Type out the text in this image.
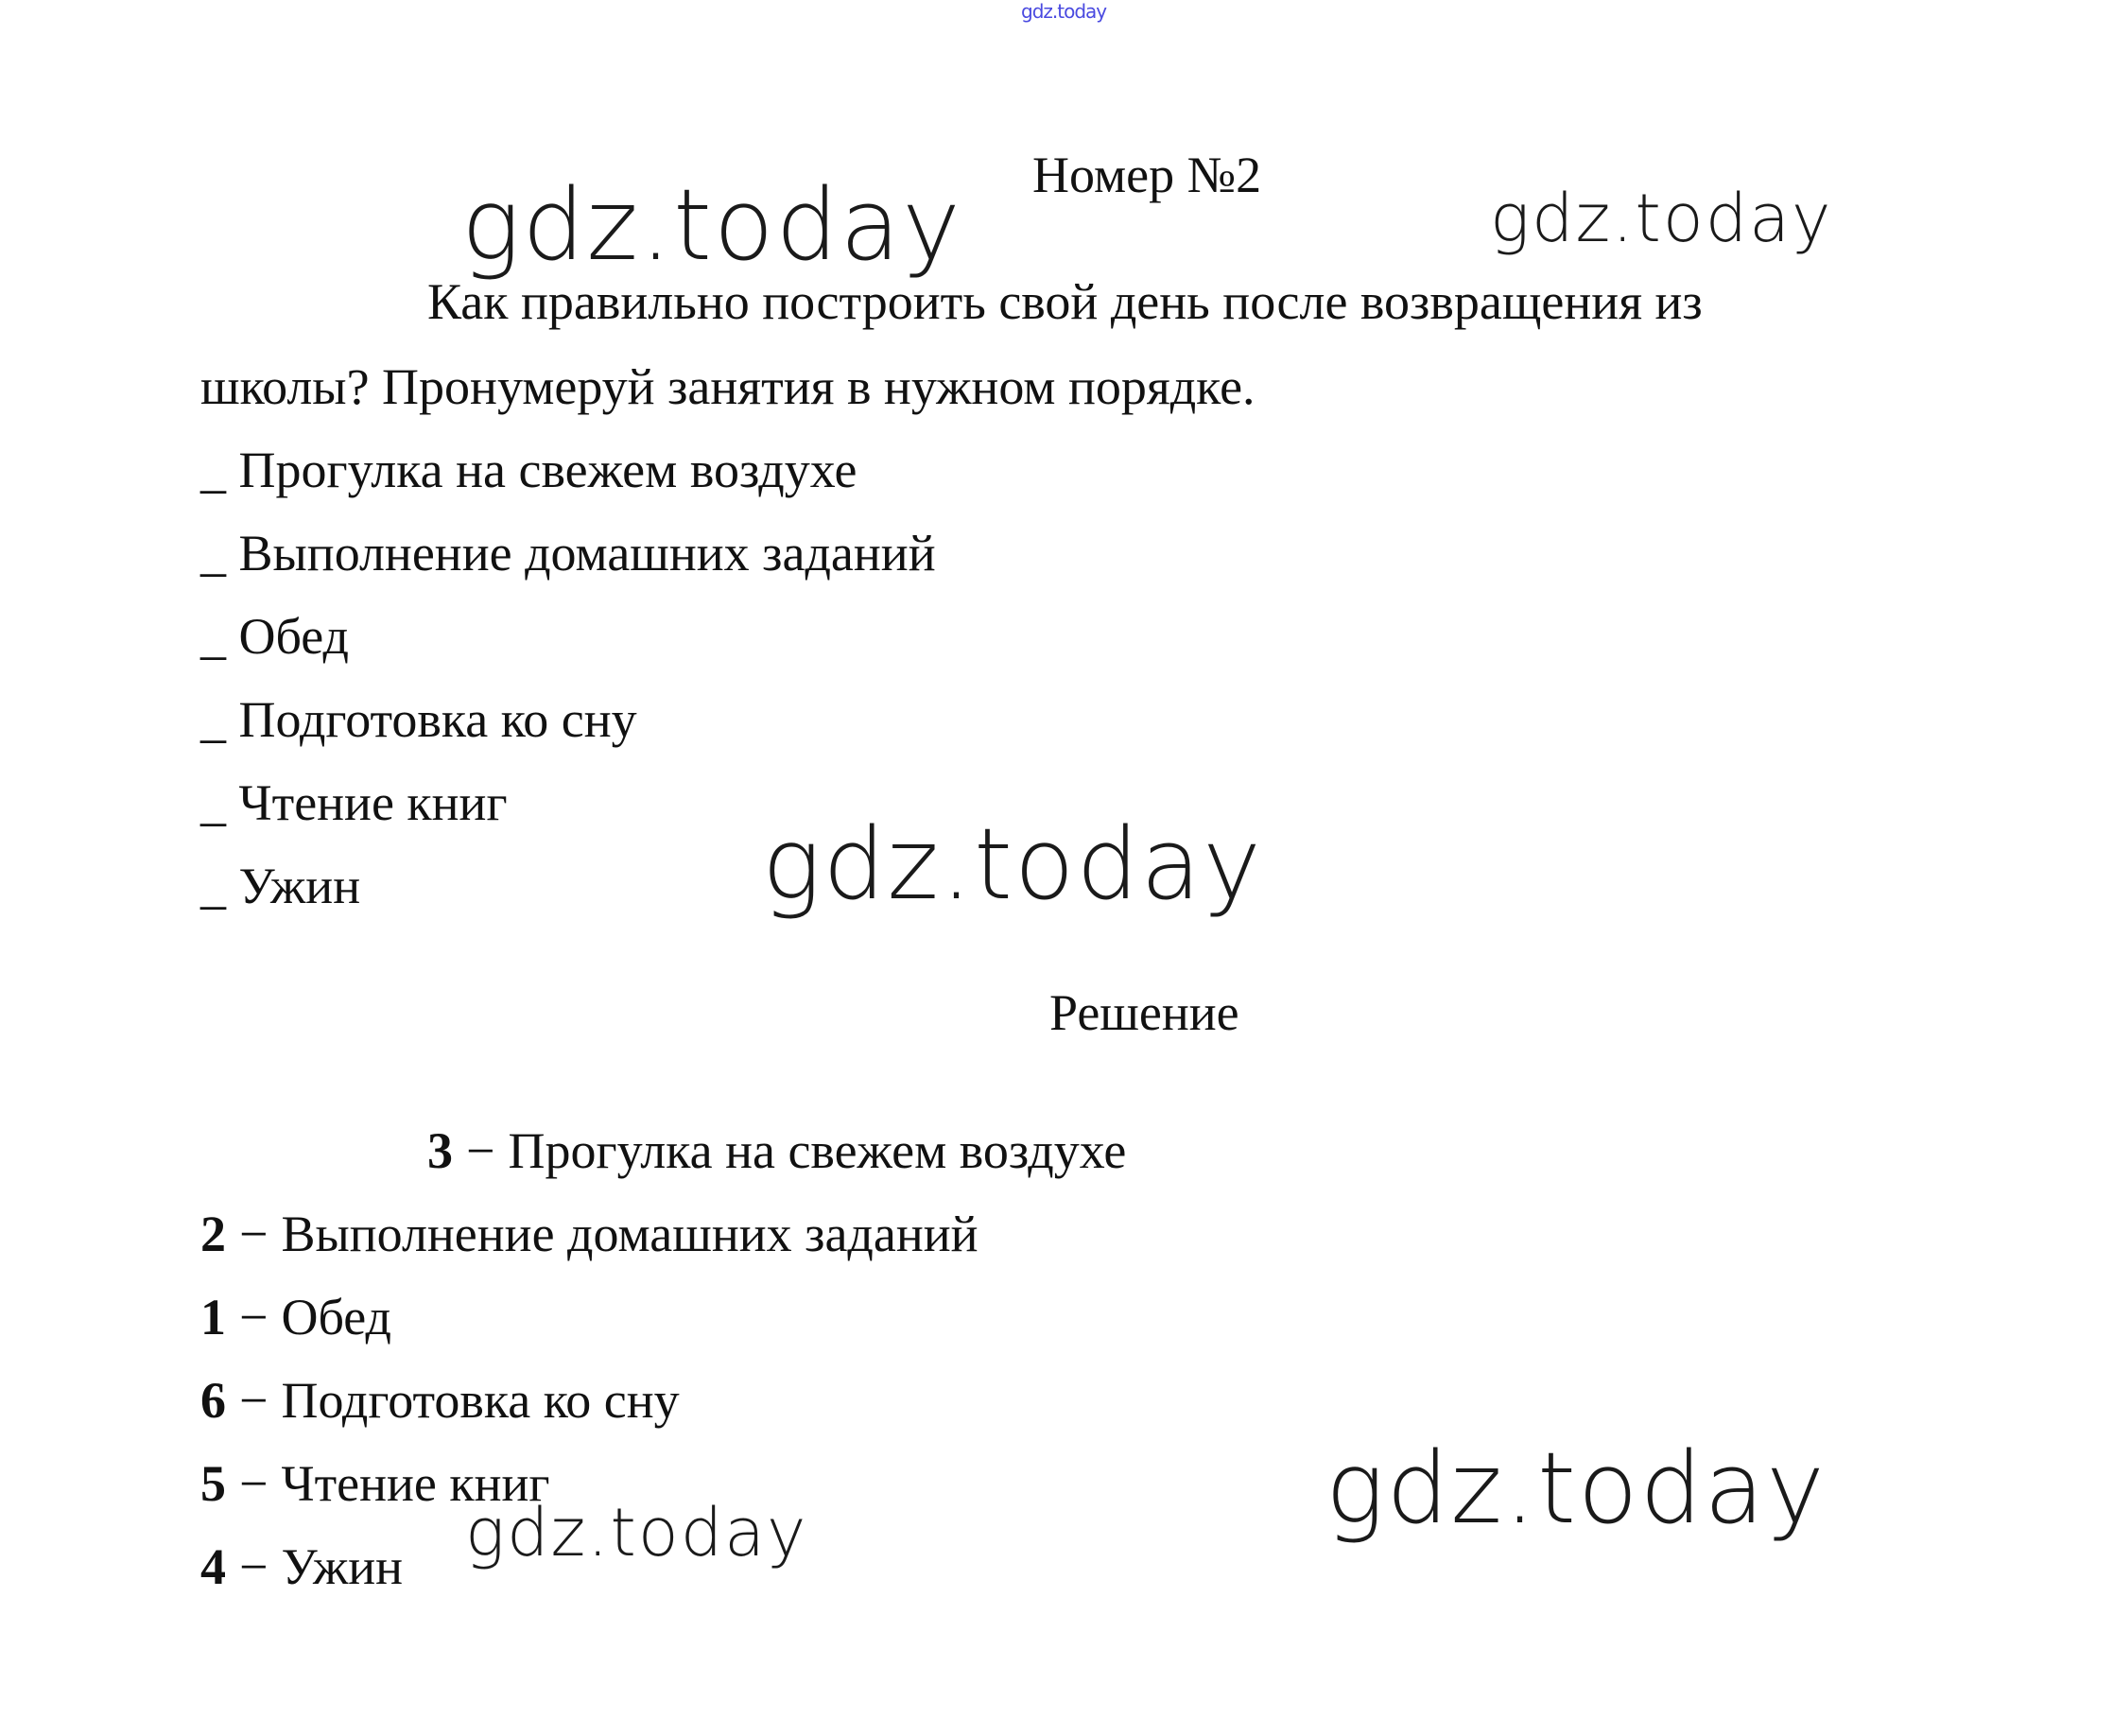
gdz.today
Номер №2
Как правильно построить свой день после возвращения из
школы? Пронумеруй занятия в нужном порядке.
_ Прогулка на свежем воздухе
_ Выполнение домашних заданий
_ Обед
_ Подготовка ко сну
_ Чтение книг
_ Ужин
Решение
3 − Прогулка на свежем воздухе
2 − Выполнение домашних заданий
1 − Обед
6 − Подготовка ко сну
5 − Чтение книг
4 − Ужин
gdz.today	gdz.today
gdz.today
gdz.today
gdz.today
